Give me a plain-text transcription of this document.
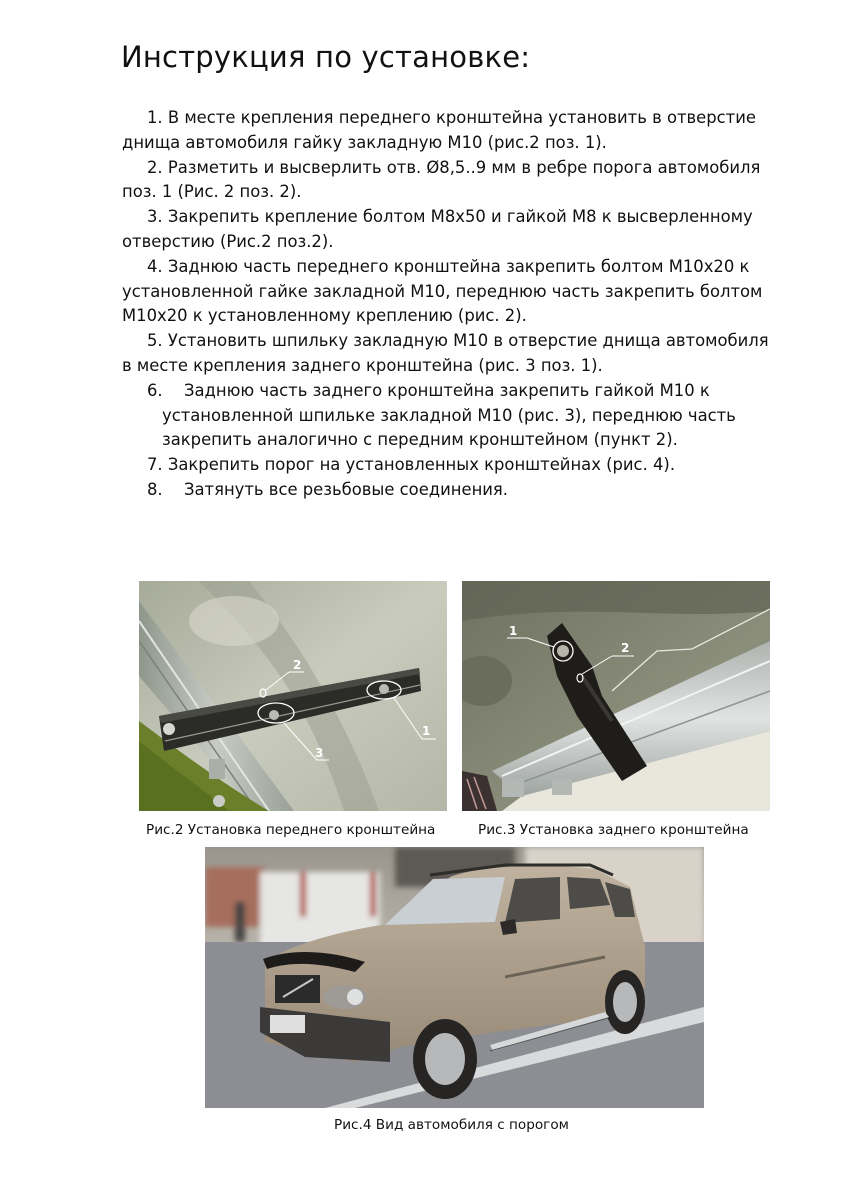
Инструкция по установке:
1. В месте крепления переднего кронштейна установить в отверстие
днища автомобиля гайку закладную М10 (рис.2 поз. 1).
2. Разметить и высверлить отв. Ø8,5..9 мм в ребре порога автомобиля
поз. 1 (Рис. 2 поз. 2).
3. Закрепить крепление болтом М8х50 и гайкой М8 к высверленному
отверстию (Рис.2 поз.2).
4. Заднюю часть переднего кронштейна закрепить болтом М10х20 к
установленной гайке закладной М10, переднюю часть закрепить болтом
М10х20 к установленному креплению (рис. 2).
5. Установить шпильку закладную М10 в отверстие днища автомобиля
в месте крепления заднего кронштейна (рис. 3 поз. 1).
6. Заднюю часть заднего кронштейна закрепить гайкой М10 к
установленной шпильке закладной М10 (рис. 3), переднюю часть
закрепить аналогично с передним кронштейном (пункт 2).
7. Закрепить порог на установленных кронштейнах (рис. 4).
8. Затянуть все резьбовые соединения.
1
2
3
1
2
Рис.2 Установка переднего кронштейна	Рис.3 Установка заднего кронштейна
Рис.4 Вид автомобиля с порогом
